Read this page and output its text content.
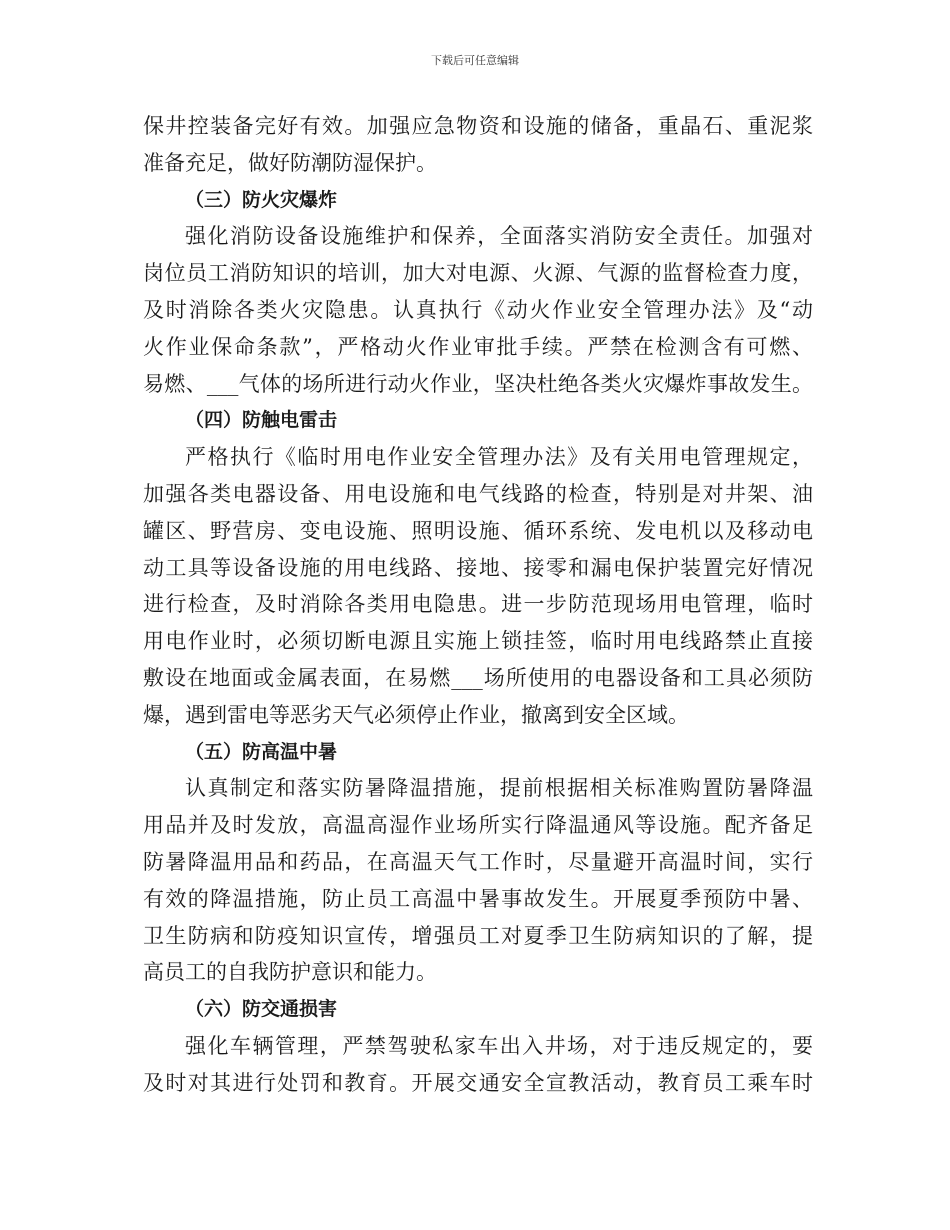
下载后可任意编辑
保井控装备完好有效。加强应急物资和设施的储备，重晶石、重泥浆
准备充足，做好防潮防湿保护。
（三）防火灾爆炸
强化消防设备设施维护和保养，全面落实消防安全责任。加强对
岗位员工消防知识的培训，加大对电源、火源、气源的监督检查力度，
及时消除各类火灾隐患。认真执行《动火作业安全管理办法》及“动
火作业保命条款”，严格动火作业审批手续。严禁在检测含有可燃、
易燃、___气体的场所进行动火作业，坚决杜绝各类火灾爆炸事故发生。
（四）防触电雷击
严格执行《临时用电作业安全管理办法》及有关用电管理规定，
加强各类电器设备、用电设施和电气线路的检查，特别是对井架、油
罐区、野营房、变电设施、照明设施、循环系统、发电机以及移动电
动工具等设备设施的用电线路、接地、接零和漏电保护装置完好情况
进行检查，及时消除各类用电隐患。进一步防范现场用电管理，临时
用电作业时，必须切断电源且实施上锁挂签，临时用电线路禁止直接
敷设在地面或金属表面，在易燃___场所使用的电器设备和工具必须防
爆，遇到雷电等恶劣天气必须停止作业，撤离到安全区域。
（五）防高温中暑
认真制定和落实防暑降温措施，提前根据相关标准购置防暑降温
用品并及时发放，高温高湿作业场所实行降温通风等设施。配齐备足
防暑降温用品和药品，在高温天气工作时，尽量避开高温时间，实行
有效的降温措施，防止员工高温中暑事故发生。开展夏季预防中暑、
卫生防病和防疫知识宣传，增强员工对夏季卫生防病知识的了解，提
高员工的自我防护意识和能力。
（六）防交通损害
强化车辆管理，严禁驾驶私家车出入井场，对于违反规定的，要
及时对其进行处罚和教育。开展交通安全宣教活动，教育员工乘车时
